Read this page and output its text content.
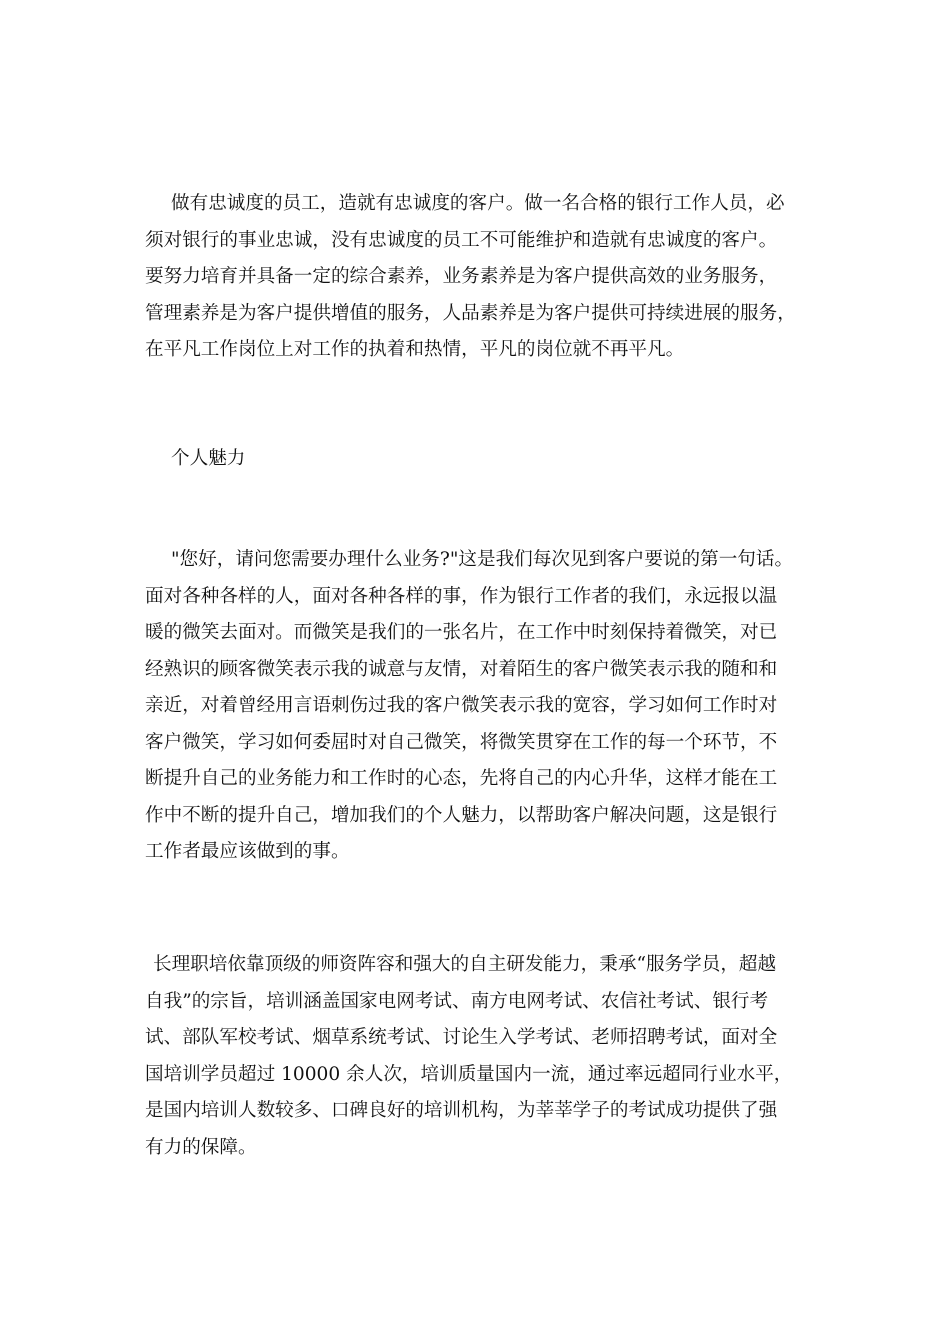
做有忠诚度的员工，造就有忠诚度的客户。做一名合格的银行工作人员，必
须对银行的事业忠诚，没有忠诚度的员工不可能维护和造就有忠诚度的客户。
要努力培育并具备一定的综合素养，业务素养是为客户提供高效的业务服务，
管理素养是为客户提供增值的服务，人品素养是为客户提供可持续进展的服务，
在平凡工作岗位上对工作的执着和热情，平凡的岗位就不再平凡。
个人魅力
"您好，请问您需要办理什么业务?"这是我们每次见到客户要说的第一句话。
面对各种各样的人，面对各种各样的事，作为银行工作者的我们，永远报以温
暖的微笑去面对。而微笑是我们的一张名片，在工作中时刻保持着微笑，对已
经熟识的顾客微笑表示我的诚意与友情，对着陌生的客户微笑表示我的随和和
亲近，对着曾经用言语刺伤过我的客户微笑表示我的宽容，学习如何工作时对
客户微笑，学习如何委屈时对自己微笑，将微笑贯穿在工作的每一个环节，不
断提升自己的业务能力和工作时的心态，先将自己的内心升华，这样才能在工
作中不断的提升自己，增加我们的个人魅力，以帮助客户解决问题，这是银行
工作者最应该做到的事。
长理职培依靠顶级的师资阵容和强大的自主研发能力，秉承“服务学员，超越
自我”的宗旨，培训涵盖国家电网考试、南方电网考试、农信社考试、银行考
试、部队军校考试、烟草系统考试、讨论生入学考试、老师招聘考试，面对全
国培训学员超过 10000 余人次，培训质量国内一流，通过率远超同行业水平，
是国内培训人数较多、口碑良好的培训机构，为莘莘学子的考试成功提供了强
有力的保障。
